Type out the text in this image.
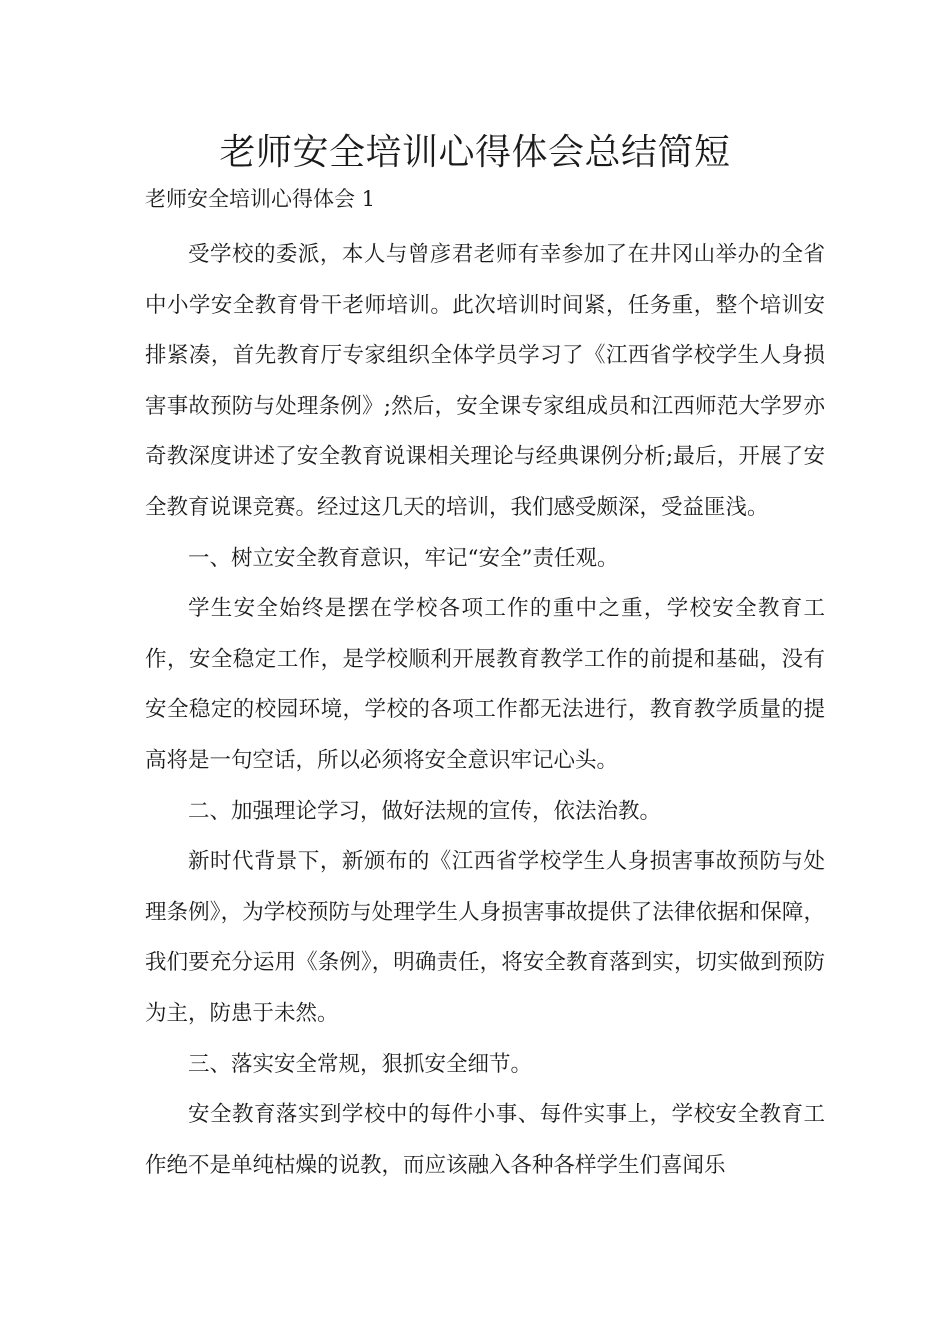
老师安全培训心得体会总结简短
老师安全培训心得体会 1

受学校的委派，本人与曾彦君老师有幸参加了在井冈山举办的全省中小学安全教育骨干老师培训。此次培训时间紧，任务重，整个培训安排紧凑，首先教育厅专家组织全体学员学习了《江西省学校学生人身损害事故预防与处理条例》;然后，安全课专家组成员和江西师范大学罗亦奇教深度讲述了安全教育说课相关理论与经典课例分析;最后，开展了安全教育说课竞赛。经过这几天的培训，我们感受颇深，受益匪浅。

一、树立安全教育意识，牢记“安全”责任观。

学生安全始终是摆在学校各项工作的重中之重，学校安全教育工作，安全稳定工作，是学校顺利开展教育教学工作的前提和基础，没有安全稳定的校园环境，学校的各项工作都无法进行，教育教学质量的提高将是一句空话，所以必须将安全意识牢记心头。

二、加强理论学习，做好法规的宣传，依法治教。

新时代背景下，新颁布的《江西省学校学生人身损害事故预防与处理条例》，为学校预防与处理学生人身损害事故提供了法律依据和保障，我们要充分运用《条例》，明确责任，将安全教育落到实，切实做到预防为主，防患于未然。

三、落实安全常规，狠抓安全细节。

安全教育落实到学校中的每件小事、每件实事上，学校安全教育工作绝不是单纯枯燥的说教，而应该融入各种各样学生们喜闻乐
